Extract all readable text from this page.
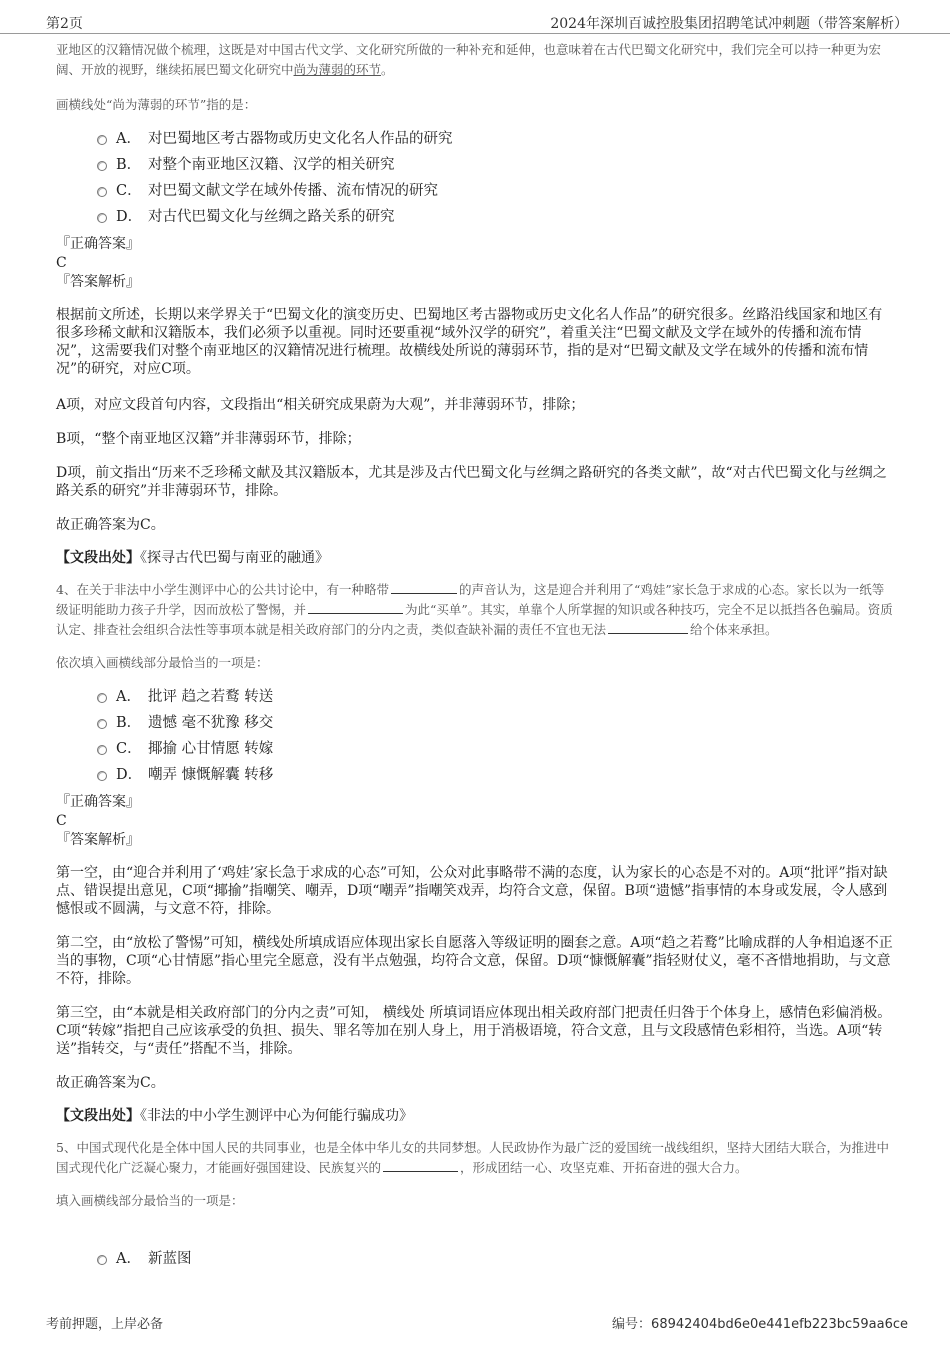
第2页	2024年深圳百诚控股集团招聘笔试冲刺题（带答案解析）

亚地区的汉籍情况做个梳理，这既是对中国古代文学、文化研究所做的一种补充和延伸，也意味着在古代巴蜀文化研究中，我们完全可以持一种更为宏阔、开放的视野，继续拓展巴蜀文化研究中尚为薄弱的环节。

画横线处“尚为薄弱的环节”指的是：

A． 对巴蜀地区考古器物或历史文化名人作品的研究
B． 对整个南亚地区汉籍、汉学的相关研究
C． 对巴蜀文献文学在域外传播、流布情况的研究
D． 对古代巴蜀文化与丝绸之路关系的研究

『正确答案』

C

『答案解析』

根据前文所述，长期以来学界关于“巴蜀文化的演变历史、巴蜀地区考古器物或历史文化名人作品”的研究很多。丝路沿线国家和地区有很多珍稀文献和汉籍版本，我们必须予以重视。同时还要重视“域外汉学的研究”，着重关注“巴蜀文献及文学在域外的传播和流布情况”，这需要我们对整个南亚地区的汉籍情况进行梳理。故横线处所说的薄弱环节，指的是对“巴蜀文献及文学在域外的传播和流布情况”的研究，对应C项。

A项，对应文段首句内容，文段指出“相关研究成果蔚为大观”，并非薄弱环节，排除；

B项，“整个南亚地区汉籍”并非薄弱环节，排除；

D项，前文指出“历来不乏珍稀文献及其汉籍版本，尤其是涉及古代巴蜀文化与丝绸之路研究的各类文献”，故“对古代巴蜀文化与丝绸之路关系的研究”并非薄弱环节，排除。

故正确答案为C。

【文段出处】《探寻古代巴蜀与南亚的融通》

4、在关于非法中小学生测评中心的公共讨论中，有一种略带	的声音认为，这是迎合并利用了“鸡娃”家长急于求成的心态。家长以为一纸等级证明能助力孩子升学，因而放松了警惕，并	为此“买单”。其实，单靠个人所掌握的知识或各种技巧，完全不足以抵挡各色骗局。资质认定、排查社会组织合法性等事项本就是相关政府部门的分内之责，类似查缺补漏的责任不宜也无法	给个体来承担。

依次填入画横线部分最恰当的一项是：

A． 批评 趋之若鹜 转送
B． 遗憾 毫不犹豫 移交
C． 揶揄 心甘情愿 转嫁
D． 嘲弄 慷慨解囊 转移

『正确答案』

C

『答案解析』

第一空，由“迎合并利用了‘鸡娃’家长急于求成的心态”可知，公众对此事略带不满的态度，认为家长的心态是不对的。A项“批评”指对缺点、错误提出意见，C项“揶揄”指嘲笑、嘲弄，D项“嘲弄”指嘲笑戏弄，均符合文意，保留。B项“遗憾”指事情的本身或发展，令人感到憾恨或不圆满，与文意不符，排除。

第二空，由“放松了警惕”可知，横线处所填成语应体现出家长自愿落入等级证明的圈套之意。A项“趋之若鹜”比喻成群的人争相追逐不正当的事物，C项“心甘情愿”指心里完全愿意，没有半点勉强，均符合文意，保留。D项“慷慨解囊”指轻财仗义，毫不吝惜地捐助，与文意不符，排除。

第三空，由“本就是相关政府部门的分内之责”可知， 横线处 所填词语应体现出相关政府部门把责任归咎于个体身上，感情色彩偏消极。C项“转嫁”指把自己应该承受的负担、损失、罪名等加在别人身上，用于消极语境，符合文意，且与文段感情色彩相符，当选。A项“转送”指转交，与“责任”搭配不当，排除。

故正确答案为C。

【文段出处】《非法的中小学生测评中心为何能行骗成功》

5、中国式现代化是全体中国人民的共同事业，也是全体中华儿女的共同梦想。人民政协作为最广泛的爱国统一战线组织，坚持大团结大联合，为推进中国式现代化广泛凝心聚力，才能画好强国建设、民族复兴的	，形成团结一心、攻坚克难、开拓奋进的强大合力。

填入画横线部分最恰当的一项是：

A． 新蓝图
考前押题，上岸必备	编号：68942404bd6e0e441efb223bc59aa6ce
